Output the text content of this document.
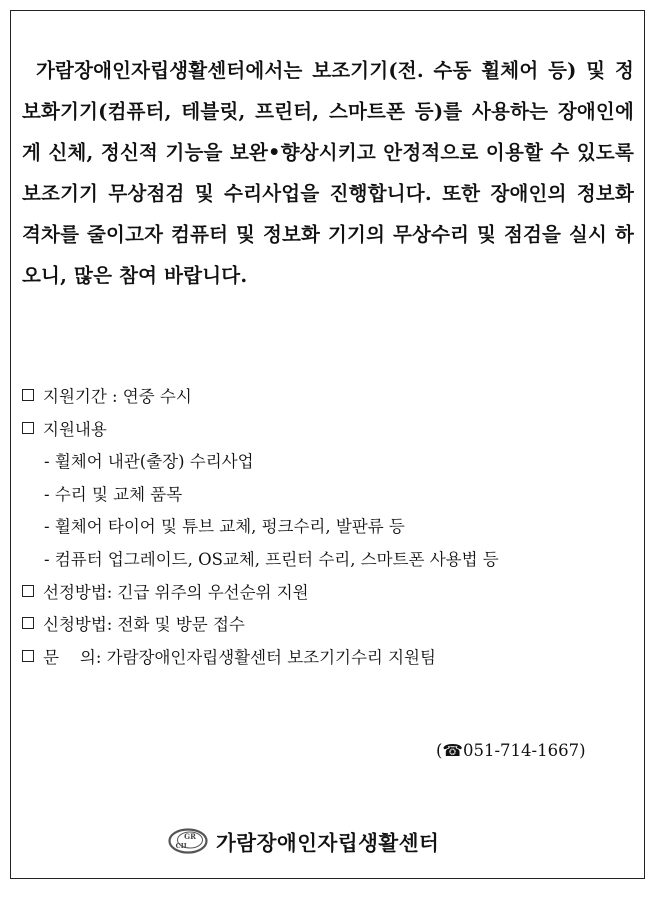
가람장애인자립생활센터에서는 보조기기(전. 수동 휠체어 등) 및 정보화기기(컴퓨터, 테블릿, 프린터, 스마트폰 등)를 사용하는 장애인에게 신체, 정신적 기능을 보완•향상시키고 안정적으로 이용할 수 있도록 보조기기 무상점검 및 수리사업을 진행합니다. 또한 장애인의 정보화 격차를 줄이고자 컴퓨터 및 정보화 기기의 무상수리 및 점검을 실시 하오니, 많은 참여 바랍니다.

지원기간 : 연중 수시
지원내용
- 휠체어 내관(출장) 수리사업
- 수리 및 교체 품목
- 휠체어 타이어 및 튜브 교체, 펑크수리, 발판류 등
- 컴퓨터 업그레이드, OS교체, 프린터 수리, 스마트폰 사용법 등
선정방법: 긴급 위주의 우선순위 지원
신청방법: 전화 및 방문 접수
문    의: 가람장애인자립생활센터 보조기기수리 지원팀
(☎051-714-1667)
GR
CIL 가람장애인자립생활센터
